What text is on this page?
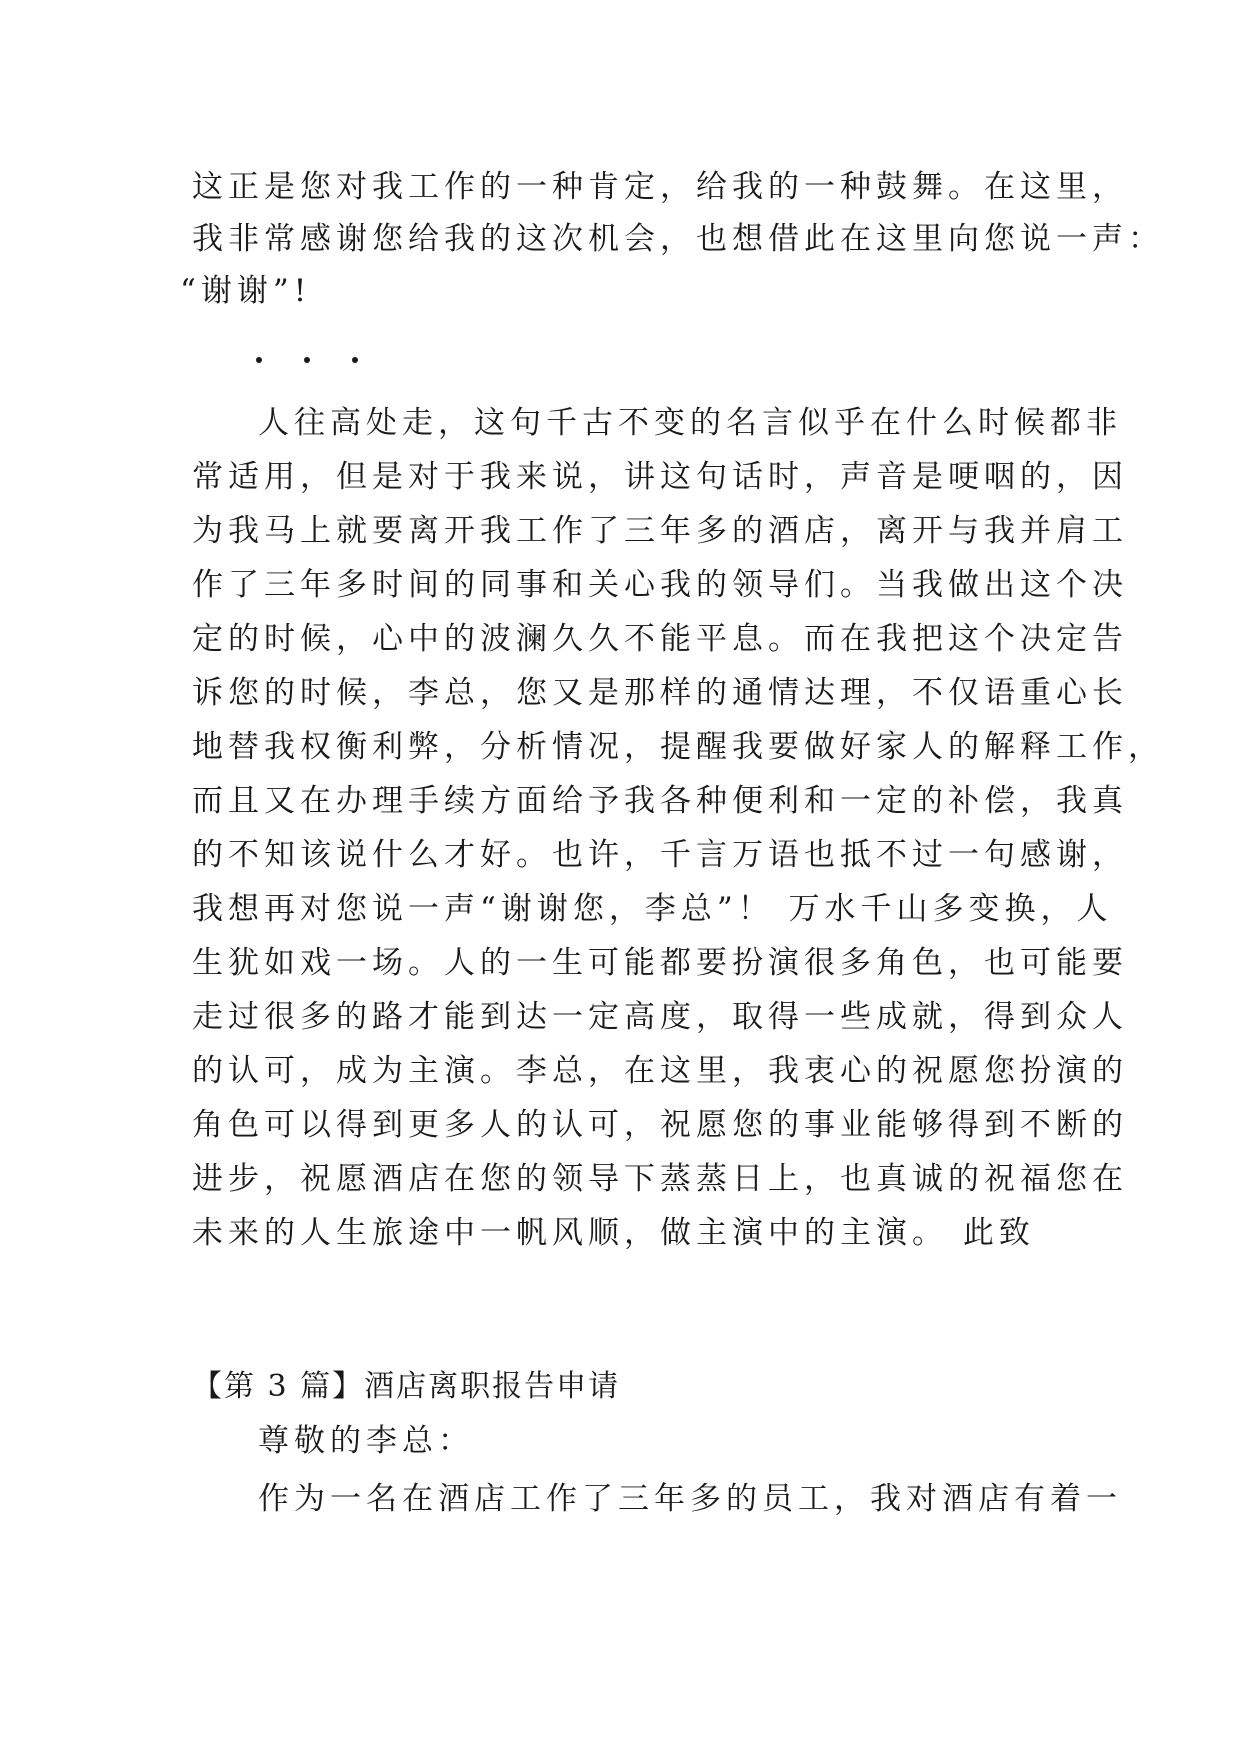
这正是您对我工作的一种肯定，给我的一种鼓舞。在这里，
我非常感谢您给我的这次机会，也想借此在这里向您说一声：
“谢谢”!
人往高处走，这句千古不变的名言似乎在什么时候都非
常适用，但是对于我来说，讲这句话时，声音是哽咽的，因
为我马上就要离开我工作了三年多的酒店，离开与我并肩工
作了三年多时间的同事和关心我的领导们。当我做出这个决
定的时候，心中的波澜久久不能平息。而在我把这个决定告
诉您的时候，李总，您又是那样的通情达理，不仅语重心长
地替我权衡利弊，分析情况，提醒我要做好家人的解释工作，
而且又在办理手续方面给予我各种便利和一定的补偿，我真
的不知该说什么才好。也许，千言万语也抵不过一句感谢，
我想再对您说一声“谢谢您，李总”！ 万水千山多变换，人
生犹如戏一场。人的一生可能都要扮演很多角色，也可能要
走过很多的路才能到达一定高度，取得一些成就，得到众人
的认可，成为主演。李总，在这里，我衷心的祝愿您扮演的
角色可以得到更多人的认可，祝愿您的事业能够得到不断的
进步，祝愿酒店在您的领导下蒸蒸日上，也真诚的祝福您在
未来的人生旅途中一帆风顺，做主演中的主演。 此致
【第 3 篇】酒店离职报告申请
尊敬的李总：
作为一名在酒店工作了三年多的员工，我对酒店有着一
